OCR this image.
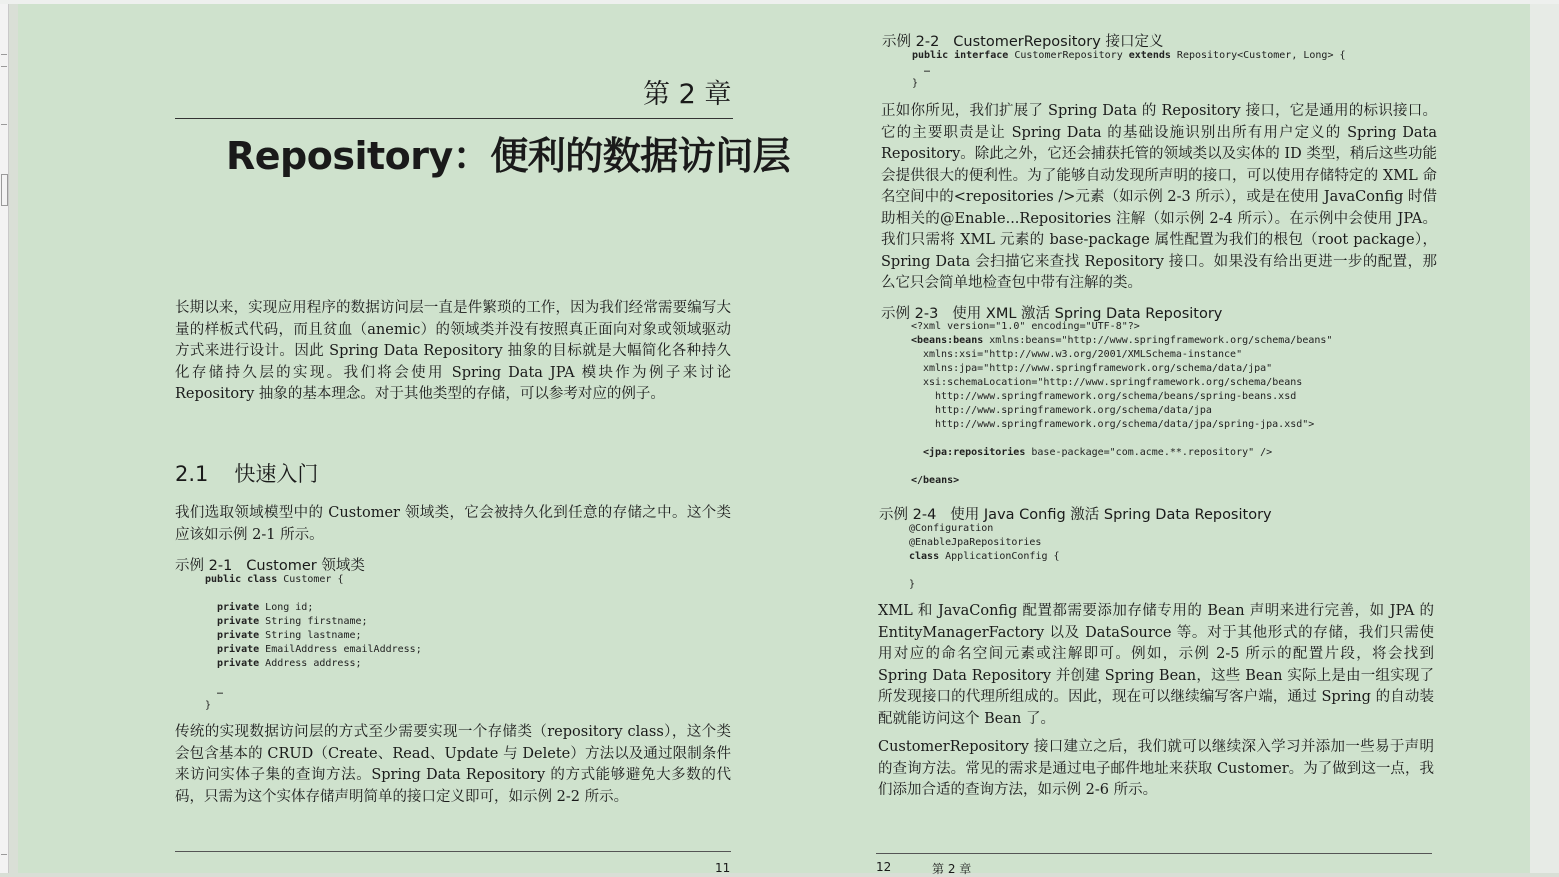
第 2 章
Repository：便利的数据访问层
长期以来，实现应用程序的数据访问层一直是件繁琐的工作，因为我们经常需要编写大量的样板式代码，而且贫血（anemic）的领域类并没有按照真正面向对象或领域驱动方式来进行设计。因此 Spring Data Repository 抽象的目标就是大幅简化各种持久化存储持久层的实现。我们将会使用 Spring Data JPA 模块作为例子来讨论 Repository 抽象的基本理念。对于其他类型的存储，可以参考对应的例子。
2.1 快速入门
我们选取领域模型中的 Customer 领域类，它会被持久化到任意的存储之中。这个类应该如示例 2-1 所示。
示例 2-1 Customer 领域类
public class Customer {
private Long id;
private String firstname;
private String lastname;
private EmailAddress emailAddress;
private Address address;
…
}
传统的实现数据访问层的方式至少需要实现一个存储类（repository class），这个类会包含基本的 CRUD（Create、Read、Update 与 Delete）方法以及通过限制条件来访问实体子集的查询方法。Spring Data Repository 的方式能够避免大多数的代码，只需为这个实体存储声明简单的接口定义即可，如示例 2-2 所示。
11
示例 2-2 CustomerRepository 接口定义
public interface CustomerRepository extends Repository<Customer, Long> {
…
}
正如你所见，我们扩展了 Spring Data 的 Repository 接口，它是通用的标识接口。它的主要职责是让 Spring Data 的基础设施识别出所有用户定义的 Spring Data Repository。除此之外，它还会捕获托管的领域类以及实体的 ID 类型，稍后这些功能会提供很大的便利性。为了能够自动发现所声明的接口，可以使用存储特定的 XML 命名空间中的<repositories />元素（如示例 2-3 所示），或是在使用 JavaConfig 时借助相关的@Enable...Repositories 注解（如示例 2-4 所示）。在示例中会使用 JPA。我们只需将 XML 元素的 base-package 属性配置为我们的根包（root package），Spring Data 会扫描它来查找 Repository 接口。如果没有给出更进一步的配置，那么它只会简单地检查包中带有注解的类。
示例 2-3 使用 XML 激活 Spring Data Repository
<?xml version="1.0" encoding="UTF-8"?>
<beans:beans xmlns:beans="http://www.springframework.org/schema/beans"
xmlns:xsi="http://www.w3.org/2001/XMLSchema-instance"
xmlns:jpa="http://www.springframework.org/schema/data/jpa"
xsi:schemaLocation="http://www.springframework.org/schema/beans
http://www.springframework.org/schema/beans/spring-beans.xsd
http://www.springframework.org/schema/data/jpa
http://www.springframework.org/schema/data/jpa/spring-jpa.xsd">
<jpa:repositories base-package="com.acme.**.repository" />
</beans>
示例 2-4 使用 Java Config 激活 Spring Data Repository
@Configuration
@EnableJpaRepositories
class ApplicationConfig {
}
XML 和 JavaConfig 配置都需要添加存储专用的 Bean 声明来进行完善，如 JPA 的 EntityManagerFactory 以及 DataSource 等。对于其他形式的存储，我们只需使用对应的命名空间元素或注解即可。例如，示例 2-5 所示的配置片段，将会找到 Spring Data Repository 并创建 Spring Bean，这些 Bean 实际上是由一组实现了所发现接口的代理所组成的。因此，现在可以继续编写客户端，通过 Spring 的自动装配就能访问这个 Bean 了。
CustomerRepository 接口建立之后，我们就可以继续深入学习并添加一些易于声明的查询方法。常见的需求是通过电子邮件地址来获取 Customer。为了做到这一点，我们添加合适的查询方法，如示例 2-6 所示。
12	第 2 章
